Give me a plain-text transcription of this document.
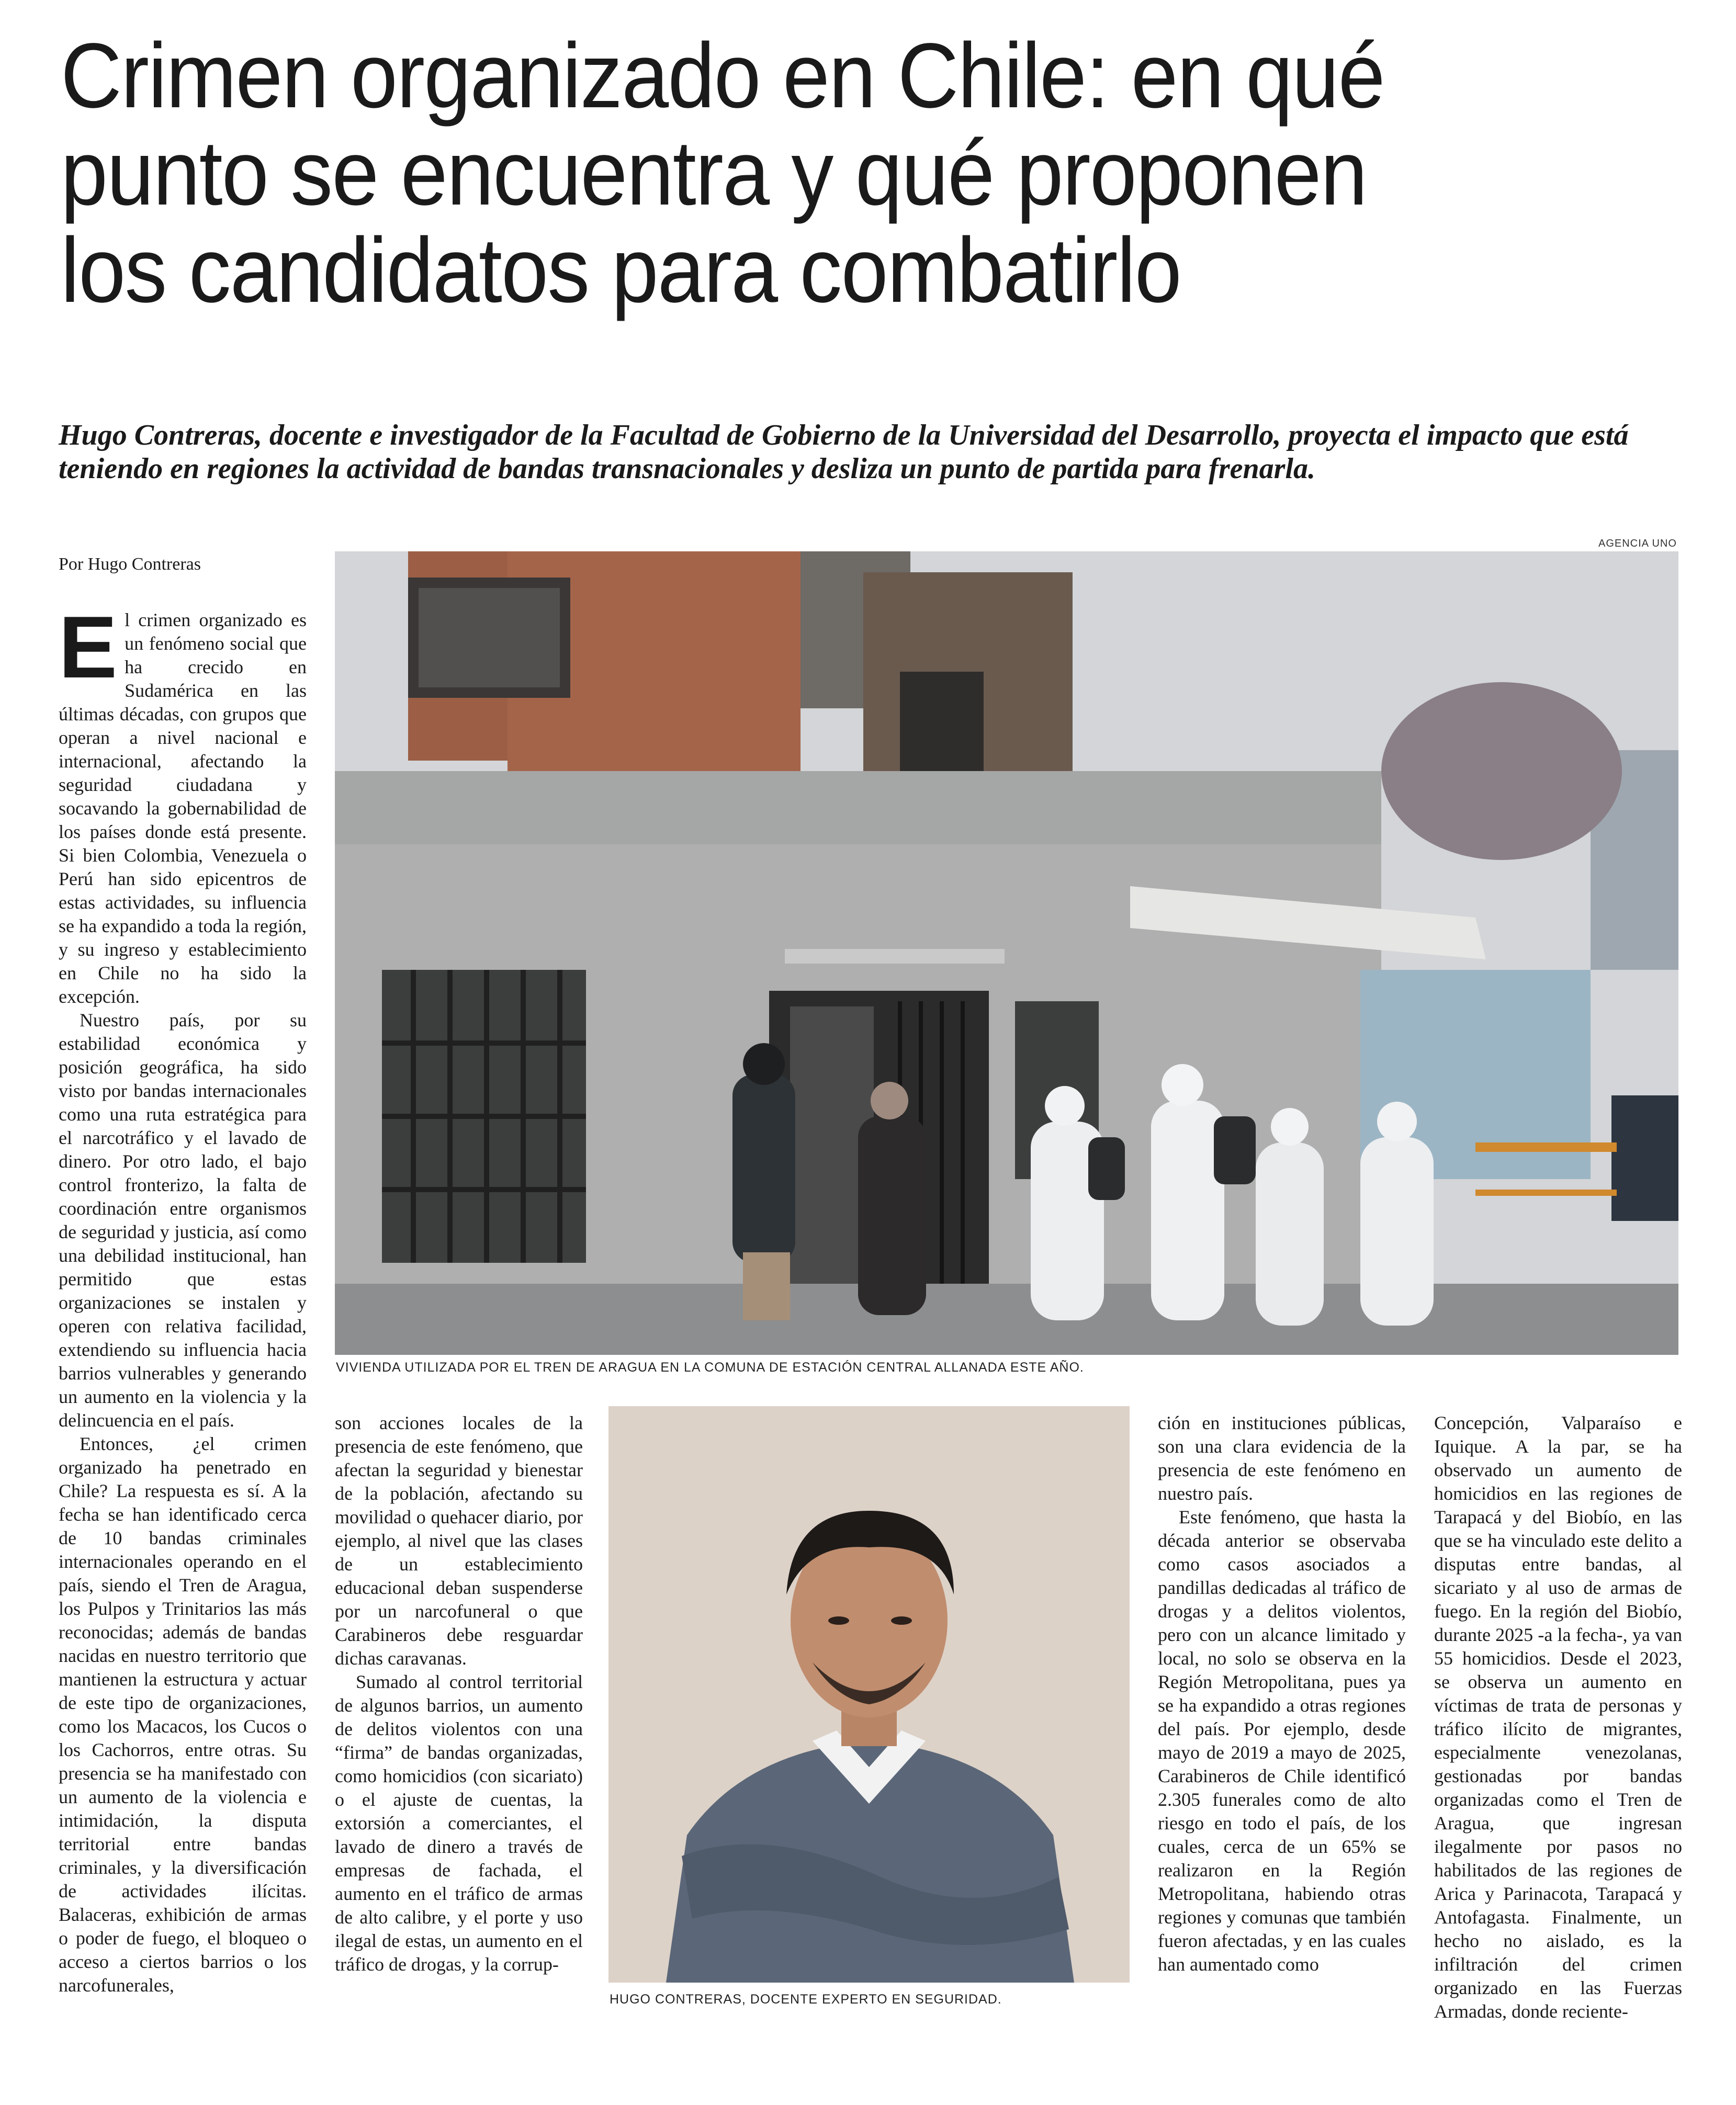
Crimen organizado en Chile: en qué
punto se encuentra y qué proponen
los candidatos para combatirlo
Hugo Contreras, docente e investigador de la Facultad de Gobierno de la Universidad del Desarrollo, proyecta el impacto que está teniendo en regiones la actividad de bandas transnacionales y desliza un punto de partida para frenarla.
Por Hugo Contreras
AGENCIA UNO
VIVIENDA UTILIZADA POR EL TREN DE ARAGUA EN LA COMUNA DE ESTACIÓN CENTRAL ALLANADA ESTE AÑO.

El crimen organizado es un fenómeno social que ha crecido en Sudamérica en las últimas décadas, con grupos que operan a nivel nacional e internacional, afectando la seguridad ciudadana y socavando la gobernabilidad de los países donde está presente. Si bien Colombia, Venezuela o Perú han sido epicentros de estas actividades, su influencia se ha expandido a toda la región, y su ingreso y establecimiento en Chile no ha sido la excepción.

Nuestro país, por su estabilidad económica y posición geográfica, ha sido visto por bandas internacionales como una ruta estratégica para el narcotráfico y el lavado de dinero. Por otro lado, el bajo control fronterizo, la falta de coordinación entre organismos de seguridad y justicia, así como una debilidad institucional, han permitido que estas organizaciones se instalen y operen con relativa facilidad, extendiendo su influencia hacia barrios vulnerables y generando un aumento en la violencia y la delincuencia en el país.

Entonces, ¿el crimen organizado ha penetrado en Chile? La respuesta es sí. A la fecha se han identificado cerca de 10 bandas criminales internacionales operando en el país, siendo el Tren de Aragua, los Pulpos y Trinitarios las más reconocidas; además de bandas nacidas en nuestro territorio que mantienen la estructura y actuar de este tipo de organizaciones, como los Macacos, los Cucos o los Cachorros, entre otras. Su presencia se ha manifestado con un aumento de la violencia e intimidación, la disputa territorial entre bandas criminales, y la diversificación de actividades ilícitas. Balaceras, exhibición de armas o poder de fuego, el bloqueo o acceso a ciertos barrios o los narcofunerales,

son acciones locales de la presencia de este fenómeno, que afectan la seguridad y bienestar de la población, afectando su movilidad o quehacer diario, por ejemplo, al nivel que las clases de un establecimiento educacional deban suspenderse por un narcofuneral o que Carabineros debe resguardar dichas caravanas.

Sumado al control territorial de algunos barrios, un aumento de delitos violentos con una “firma” de bandas organizadas, como homicidios (con sicariato) o el ajuste de cuentas, la extorsión a comerciantes, el lavado de dinero a través de empresas de fachada, el aumento en el tráfico de armas de alto calibre, y el porte y uso ilegal de estas, un aumento en el tráfico de drogas, y la corrup-

HUGO CONTRERAS, DOCENTE EXPERTO EN SEGURIDAD.

ción en instituciones públicas, son una clara evidencia de la presencia de este fenómeno en nuestro país.

Este fenómeno, que hasta la década anterior se observaba como casos asociados a pandillas dedicadas al tráfico de drogas y a delitos violentos, pero con un alcance limitado y local, no solo se observa en la Región Metropolitana, pues ya se ha expandido a otras regiones del país. Por ejemplo, desde mayo de 2019 a mayo de 2025, Carabineros de Chile identificó 2.305 funerales como de alto riesgo en todo el país, de los cuales, cerca de un 65% se realizaron en la Región Metropolitana, habiendo otras regiones y comunas que también fueron afectadas, y en las cuales han aumentado como

Concepción, Valparaíso e Iquique. A la par, se ha observado un aumento de homicidios en las regiones de Tarapacá y del Biobío, en las que se ha vinculado este delito a disputas entre bandas, al sicariato y al uso de armas de fuego. En la región del Biobío, durante 2025 -a la fecha-, ya van 55 homicidios. Desde el 2023, se observa un aumento en víctimas de trata de personas y tráfico ilícito de migrantes, especialmente venezolanas, gestionadas por bandas organizadas como el Tren de Aragua, que ingresan ilegalmente por pasos no habilitados de las regiones de Arica y Parinacota, Tarapacá y Antofagasta. Finalmente, un hecho no aislado, es la infiltración del crimen organizado en las Fuerzas Armadas, donde reciente-
